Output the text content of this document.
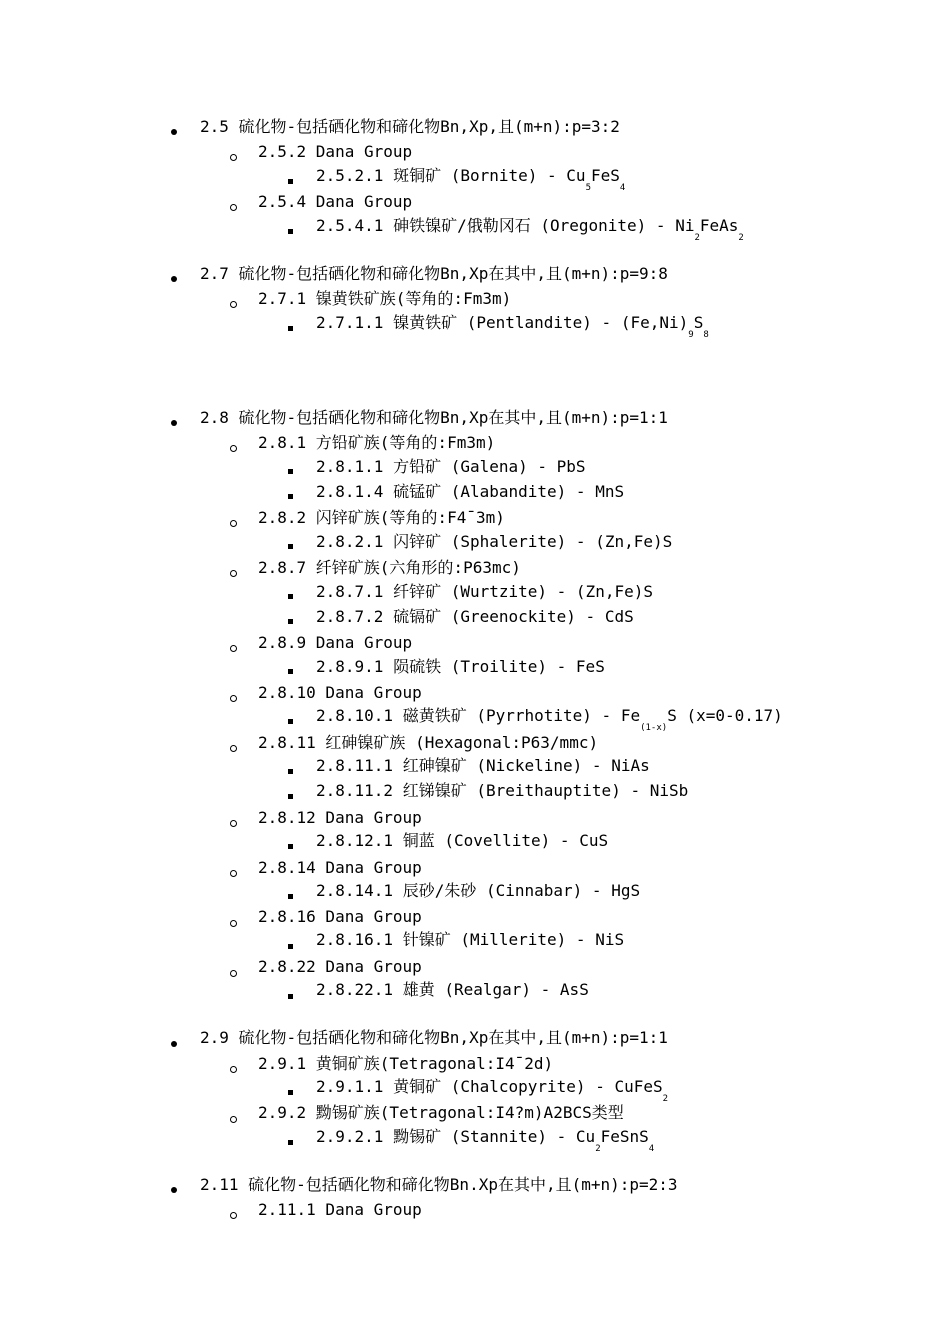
2.5 硫化物-包括硒化物和碲化物Bn,Xp,且(m+n):p=3:2
2.5.2 Dana Group
2.5.2.1 斑铜矿 (Bornite) - $Cu_5FeS_4$
2.5.4 Dana Group
2.5.4.1 砷铁镍矿/俄勒冈石 (Oregonite) - $Ni_2FeAs_2$
2.7 硫化物-包括硒化物和碲化物Bn,Xp在其中,且(m+n):p=9:8
2.7.1 镍黄铁矿族(等角的:Fm3m)
2.7.1.1 镍黄铁矿 (Pentlandite) - $(Fe,Ni)_9S_8$
2.8 硫化物-包括硒化物和碲化物Bn,Xp在其中,且(m+n):p=1:1
2.8.1 方铅矿族(等角的:Fm3m)
2.8.1.1 方铅矿 (Galena) - PbS
2.8.1.4 硫锰矿 (Alabandite) - MnS
2.8.2 闪锌矿族(等角的:F4¯3m)
2.8.2.1 闪锌矿 (Sphalerite) - (Zn,Fe)S
2.8.7 纤锌矿族(六角形的:P63mc)
2.8.7.1 纤锌矿 (Wurtzite) - (Zn,Fe)S
2.8.7.2 硫镉矿 (Greenockite) - CdS
2.8.9 Dana Group
2.8.9.1 陨硫铁 (Troilite) - FeS
2.8.10 Dana Group
2.8.10.1 磁黄铁矿 (Pyrrhotite) - $Fe_{(1-x)}S$ (x=0-0.17)
2.8.11 红砷镍矿族 (Hexagonal:P63/mmc)
2.8.11.1 红砷镍矿 (Nickeline) - NiAs
2.8.11.2 红锑镍矿 (Breithauptite) - NiSb
2.8.12 Dana Group
2.8.12.1 铜蓝 (Covellite) - CuS
2.8.14 Dana Group
2.8.14.1 辰砂/朱砂 (Cinnabar) - HgS
2.8.16 Dana Group
2.8.16.1 针镍矿 (Millerite) - NiS
2.8.22 Dana Group
2.8.22.1 雄黄 (Realgar) - AsS
2.9 硫化物-包括硒化物和碲化物Bn,Xp在其中,且(m+n):p=1:1
2.9.1 黄铜矿族(Tetragonal:I4¯2d)
2.9.1.1 黄铜矿 (Chalcopyrite) - CuFeS$_2$
2.9.2 黝锡矿族(Tetragonal:I4?m)A2BCS类型
2.9.2.1 黝锡矿 (Stannite) - $Cu_2FeSnS_4$
2.11 硫化物-包括硒化物和碲化物Bn.Xp在其中,且(m+n):p=2:3
2.11.1 Dana Group
